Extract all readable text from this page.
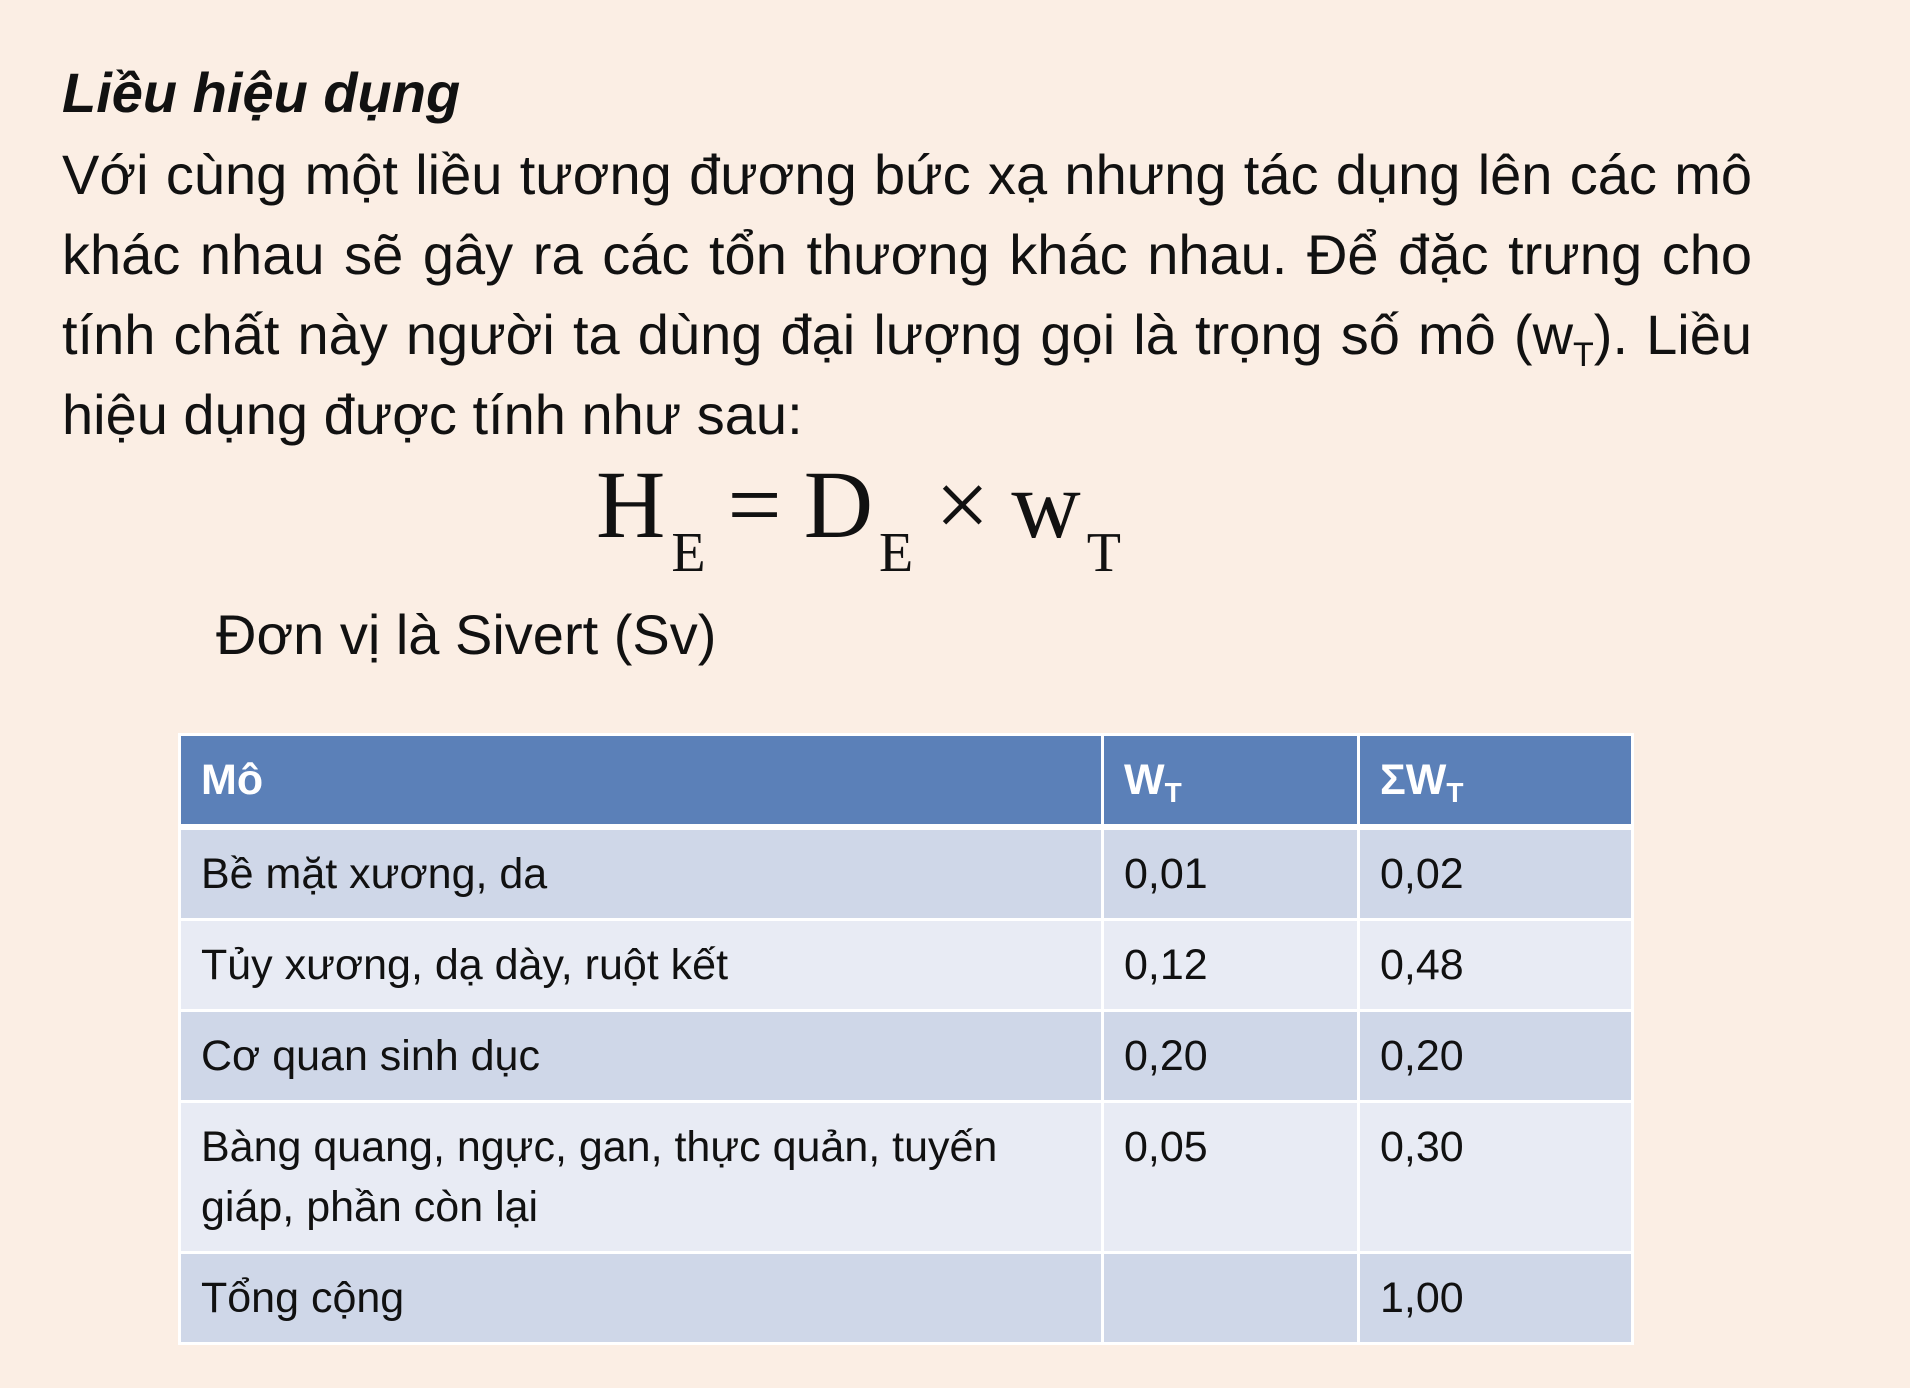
Liều hiệu dụng

Với cùng một liều tương đương bức xạ nhưng tác dụng lên các mô khác nhau sẽ gây ra các tổn thương khác nhau. Để đặc trưng cho tính chất này người ta dùng đại lượng gọi là trọng số mô $(w_T)$. Liều hiệu dụng được tính như sau:

H $_E$ = D $_E$ × w $_T$

Đơn vị là Sivert (Sv)

Mô	$W_T$	$\Sigma W_T$
Bề mặt xương, da	0,01	0,02
Tủy xương, dạ dày, ruột kết	0,12	0,48
Cơ quan sinh dục	0,20	0,20
Bàng quang, ngực, gan, thực quản, tuyến giáp, phần còn lại	0,05	0,30
Tổng cộng		1,00
